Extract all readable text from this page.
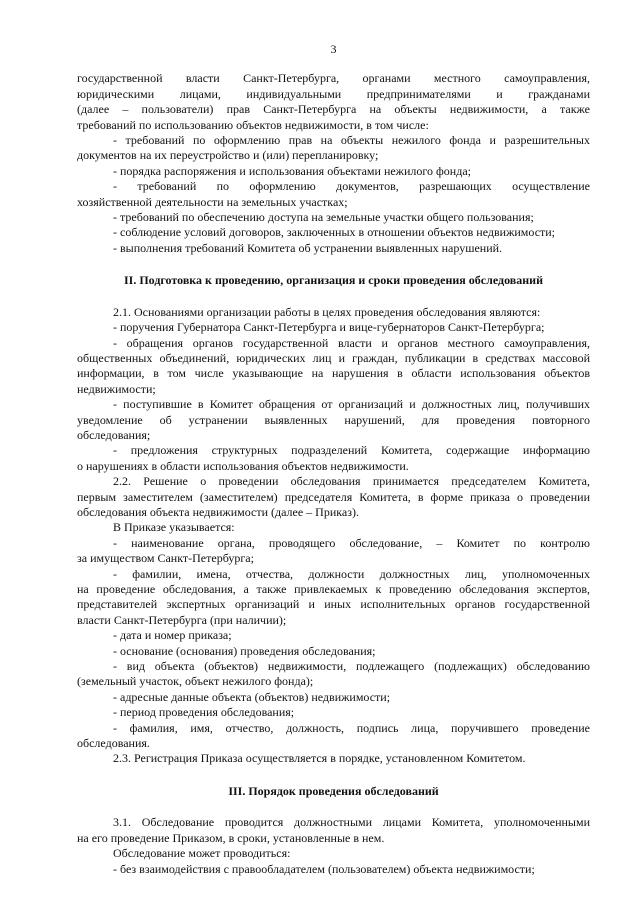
3
государственной власти Санкт-Петербурга, органами местного самоуправления,
юридическими лицами, индивидуальными предпринимателями и гражданами
(далее – пользователи) прав Санкт-Петербурга на объекты недвижимости, а также
требований по использованию объектов недвижимости, в том числе:
- требований по оформлению прав на объекты нежилого фонда и разрешительных
документов на их переустройство и (или) перепланировку;
- порядка распоряжения и использования объектами нежилого фонда;
- требований по оформлению документов, разрешающих осуществление
хозяйственной деятельности на земельных участках;
- требований по обеспечению доступа на земельные участки общего пользования;
- соблюдение условий договоров, заключенных в отношении объектов недвижимости;
- выполнения требований Комитета об устранении выявленных нарушений.
II. Подготовка к проведению, организация и сроки проведения обследований
2.1. Основаниями организации работы в целях проведения обследования являются:
- поручения Губернатора Санкт-Петербурга и вице-губернаторов Санкт-Петербурга;
- обращения органов государственной власти и органов местного самоуправления,
общественных объединений, юридических лиц и граждан, публикации в средствах массовой
информации, в том числе указывающие на нарушения в области использования объектов
недвижимости;
- поступившие в Комитет обращения от организаций и должностных лиц, получивших
уведомление об устранении выявленных нарушений, для проведения повторного
обследования;
- предложения структурных подразделений Комитета, содержащие информацию
о нарушениях в области использования объектов недвижимости.
2.2. Решение о проведении обследования принимается председателем Комитета,
первым заместителем (заместителем) председателя Комитета, в форме приказа о проведении
обследования объекта недвижимости (далее – Приказ).
В Приказе указывается:
- наименование органа, проводящего обследование, – Комитет по контролю
за имуществом Санкт-Петербурга;
- фамилии, имена, отчества, должности должностных лиц, уполномоченных
на проведение обследования, а также привлекаемых к проведению обследования экспертов,
представителей экспертных организаций и иных исполнительных органов государственной
власти Санкт-Петербурга (при наличии);
- дата и номер приказа;
- основание (основания) проведения обследования;
- вид объекта (объектов) недвижимости, подлежащего (подлежащих) обследованию
(земельный участок, объект нежилого фонда);
- адресные данные объекта (объектов) недвижимости;
- период проведения обследования;
- фамилия, имя, отчество, должность, подпись лица, поручившего проведение
обследования.
2.3. Регистрация Приказа осуществляется в порядке, установленном Комитетом.
III. Порядок проведения обследований
3.1. Обследование проводится должностными лицами Комитета, уполномоченными
на его проведение Приказом, в сроки, установленные в нем.
Обследование может проводиться:
- без взаимодействия с правообладателем (пользователем) объекта недвижимости;
